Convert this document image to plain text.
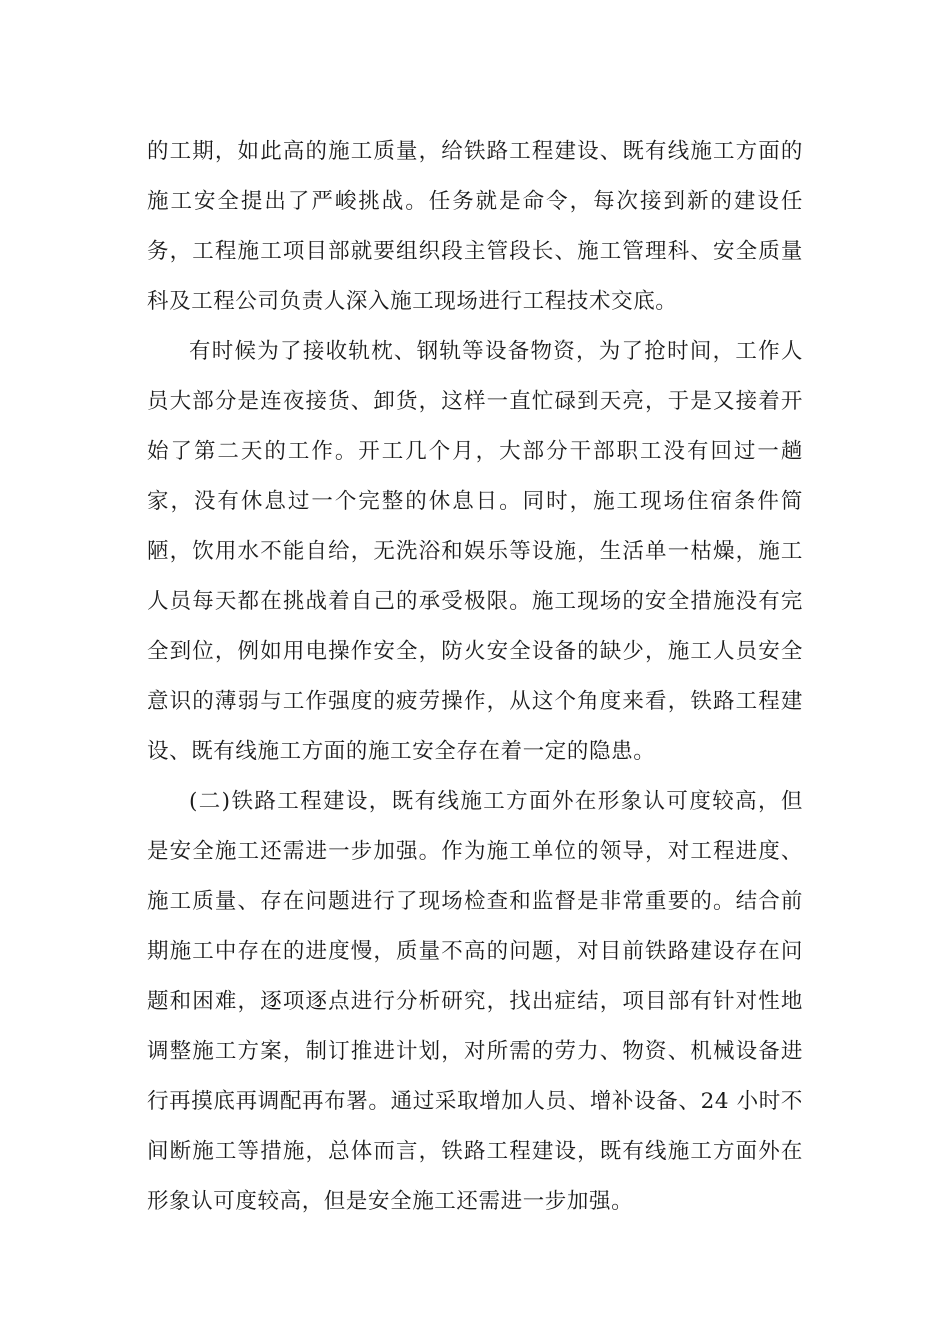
的工期，如此高的施工质量，给铁路工程建设、既有线施工方面的
施工安全提出了严峻挑战。任务就是命令，每次接到新的建设任
务，工程施工项目部就要组织段主管段长、施工管理科、安全质量
科及工程公司负责人深入施工现场进行工程技术交底。
有时候为了接收轨枕、钢轨等设备物资，为了抢时间，工作人
员大部分是连夜接货、卸货，这样一直忙碌到天亮，于是又接着开
始了第二天的工作。开工几个月，大部分干部职工没有回过一趟
家，没有休息过一个完整的休息日。同时，施工现场住宿条件简
陋，饮用水不能自给，无洗浴和娱乐等设施，生活单一枯燥，施工
人员每天都在挑战着自己的承受极限。施工现场的安全措施没有完
全到位，例如用电操作安全，防火安全设备的缺少，施工人员安全
意识的薄弱与工作强度的疲劳操作，从这个角度来看，铁路工程建
设、既有线施工方面的施工安全存在着一定的隐患。
(二)铁路工程建设，既有线施工方面外在形象认可度较高，但
是安全施工还需进一步加强。作为施工单位的领导，对工程进度、
施工质量、存在问题进行了现场检查和监督是非常重要的。结合前
期施工中存在的进度慢，质量不高的问题，对目前铁路建设存在问
题和困难，逐项逐点进行分析研究，找出症结，项目部有针对性地
调整施工方案，制订推进计划，对所需的劳力、物资、机械设备进
行再摸底再调配再布署。通过采取增加人员、增补设备、24 小时不
间断施工等措施，总体而言，铁路工程建设，既有线施工方面外在
形象认可度较高，但是安全施工还需进一步加强。
